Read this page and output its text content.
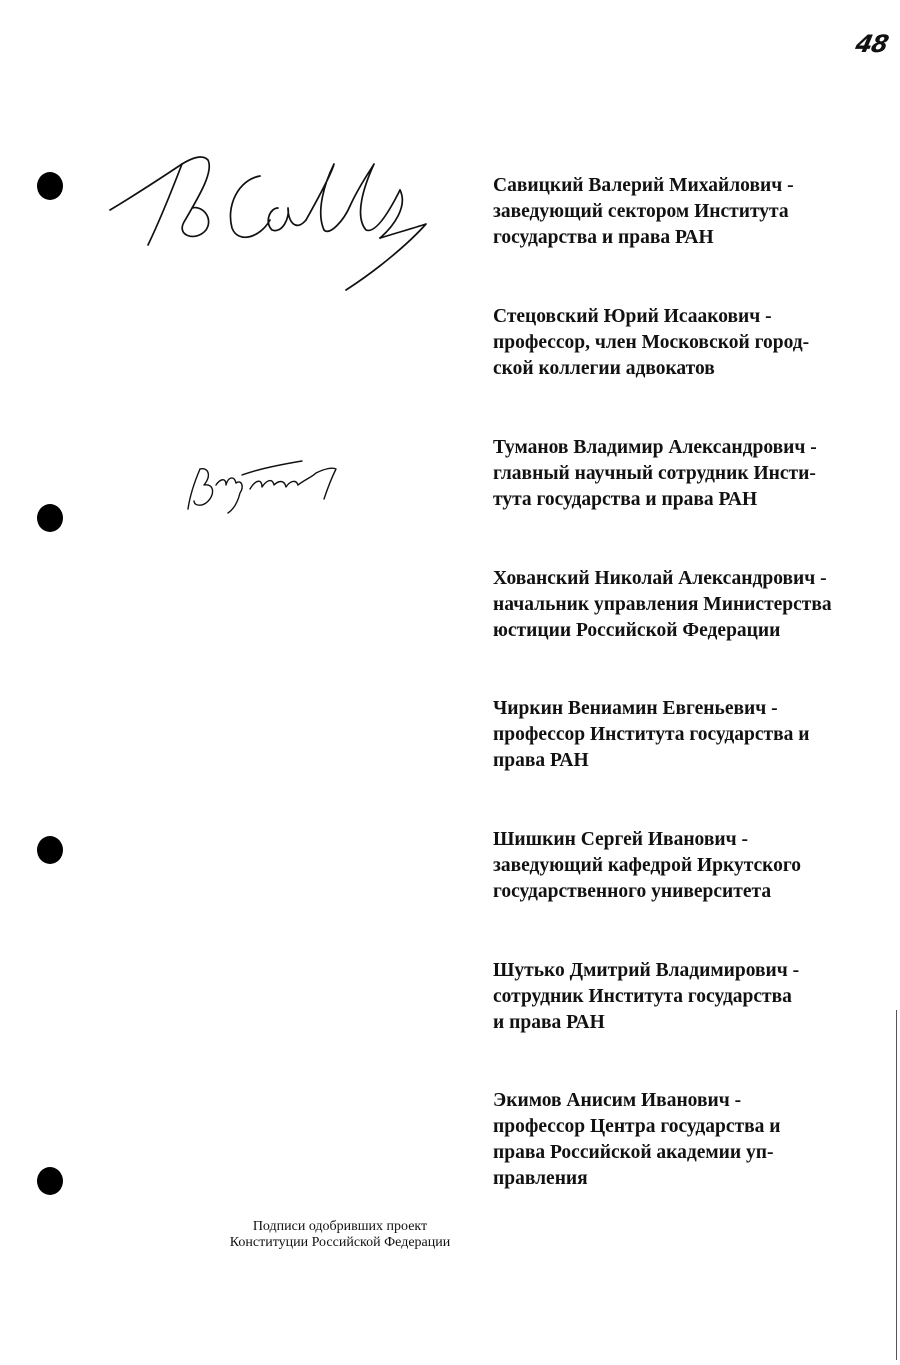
48
Савицкий Валерий Михайлович -
заведующий сектором Института
государства и права РАН
Стецовский Юрий Исаакович -
профессор, член Московской город-
ской коллегии адвокатов
Туманов Владимир Александрович -
главный научный сотрудник Инсти-
тута государства и права РАН
Хованский Николай Александрович -
начальник управления Министерства
юстиции Российской Федерации
Чиркин Вениамин Евгеньевич -
профессор Института государства и
права РАН
Шишкин Сергей Иванович -
заведующий кафедрой Иркутского
государственного университета
Шутько Дмитрий Владимирович -
сотрудник Института государства
и права РАН
Экимов Анисим Иванович -
профессор Центра государства и
права Российской академии уп-
правления
Подписи одобривших проект
Конституции Российской Федерации
